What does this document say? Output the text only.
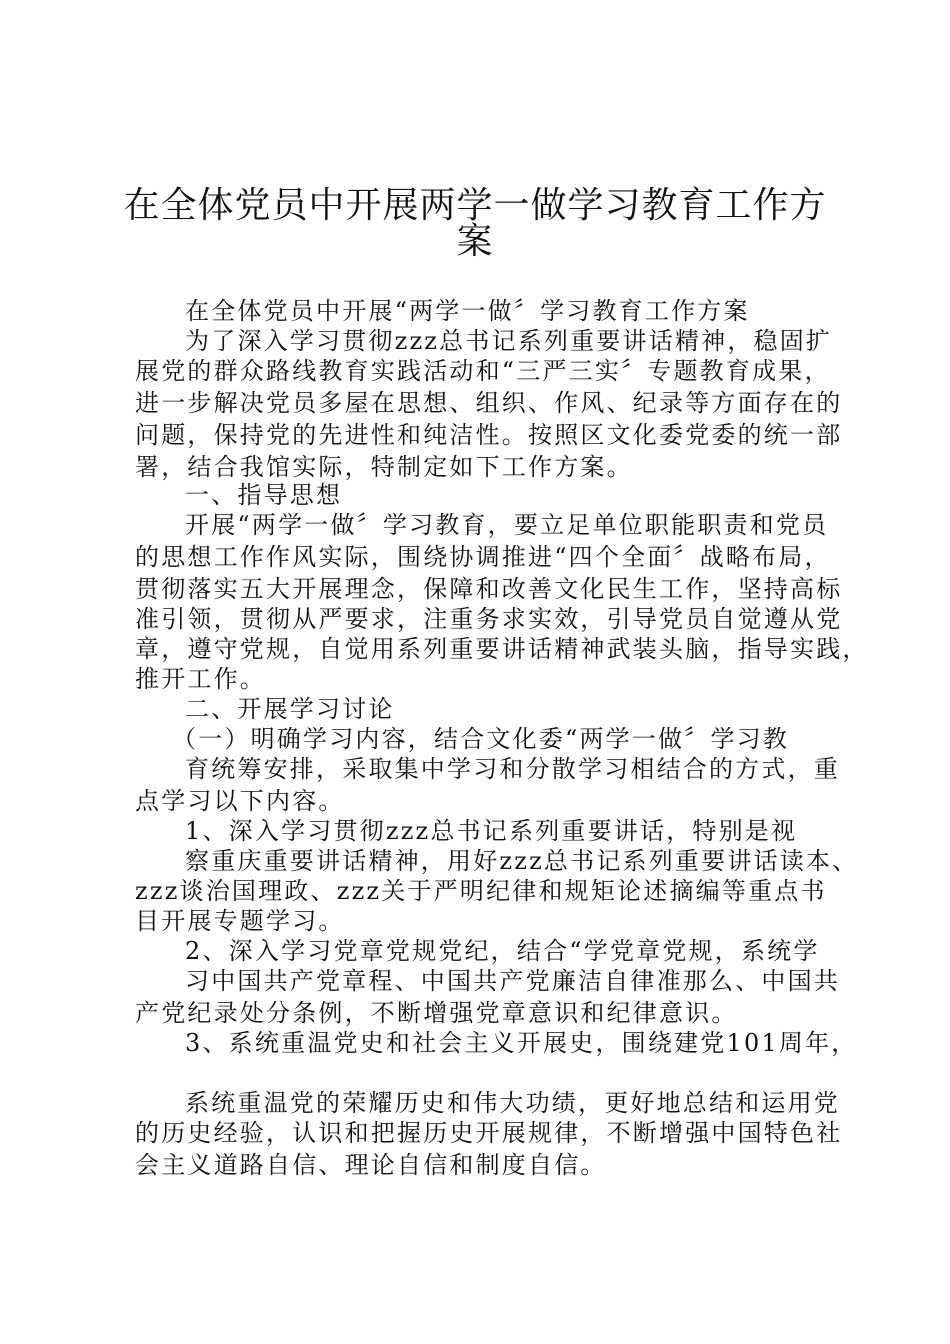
在全体党员中开展两学一做学习教育工作方
案
在全体党员中开展“两学一做〞学习教育工作方案
为了深入学习贯彻zzz总书记系列重要讲话精神，稳固扩
展党的群众路线教育实践活动和“三严三实〞专题教育成果，
进一步解决党员多屋在思想、组织、作风、纪录等方面存在的
问题，保持党的先进性和纯洁性。按照区文化委党委的统一部
署，结合我馆实际，特制定如下工作方案。
一、指导思想
开展“两学一做〞学习教育，要立足单位职能职责和党员
的思想工作作风实际，围绕协调推进“四个全面〞战略布局，
贯彻落实五大开展理念，保障和改善文化民生工作，坚持高标
准引领，贯彻从严要求，注重务求实效，引导党员自觉遵从党
章，遵守党规，自觉用系列重要讲话精神武装头脑，指导实践，
推开工作。
二、开展学习讨论
（一）明确学习内容，结合文化委“两学一做〞学习教
育统筹安排，采取集中学习和分散学习相结合的方式，重
点学习以下内容。
1、深入学习贯彻zzz总书记系列重要讲话，特别是视
察重庆重要讲话精神，用好zzz总书记系列重要讲话读本、
zzz谈治国理政、zzz关于严明纪律和规矩论述摘编等重点书
目开展专题学习。
2、深入学习党章党规党纪，结合“学党章党规，系统学
习中国共产党章程、中国共产党廉洁自律准那么、中国共
产党纪录处分条例，不断增强党章意识和纪律意识。
3、系统重温党史和社会主义开展史，围绕建党101周年，
系统重温党的荣耀历史和伟大功绩，更好地总结和运用党
的历史经验，认识和把握历史开展规律，不断增强中国特色社
会主义道路自信、理论自信和制度自信。
